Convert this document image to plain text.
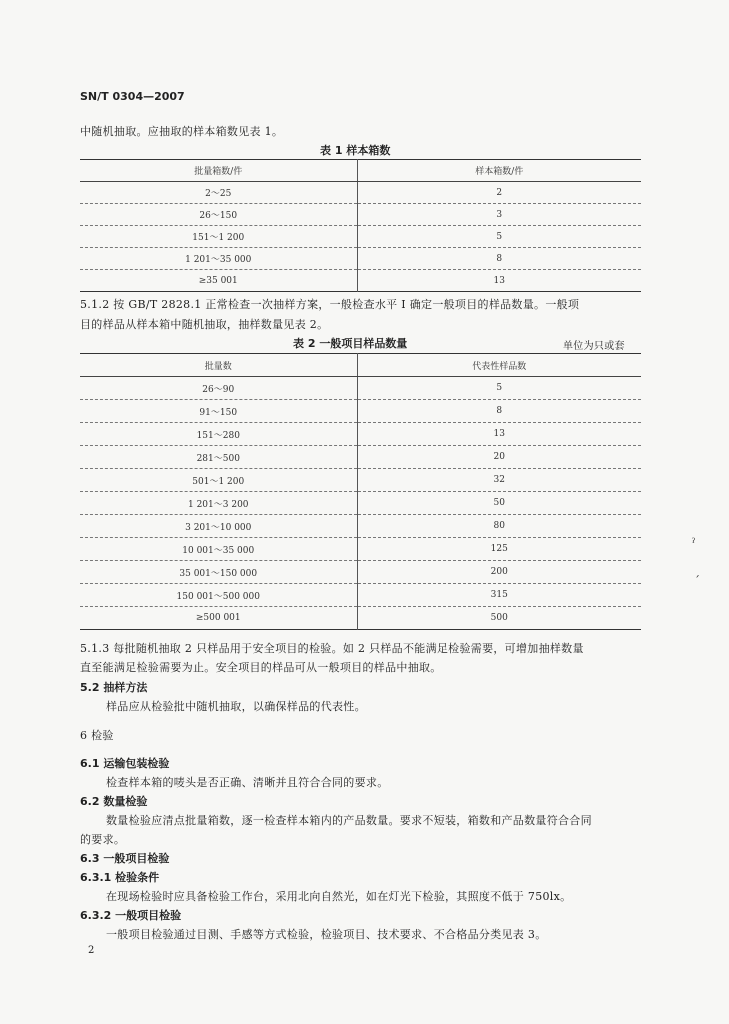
SN/T 0304—2007
中随机抽取。应抽取的样本箱数见表 1。
表 1 样本箱数
批量箱数/件	样本箱数/件
2～25	2
26～150	3
151～1 200	5
1 201～35 000	8
≥35 001	13
5.1.2 按 GB/T 2828.1 正常检查一次抽样方案，一般检查水平 I 确定一般项目的样品数量。一般项
目的样品从样本箱中随机抽取，抽样数量见表 2。
表 2 一般项目样品数量	单位为只或套
批量数	代表性样品数
26～90	5
91～150	8
151～280	13
281～500	20
501～1 200	32
1 201～3 200	50
3 201～10 000	80
10 001～35 000	125
35 001～150 000	200
150 001～500 000	315
≥500 001	500
5.1.3 每批随机抽取 2 只样品用于安全项目的检验。如 2 只样品不能满足检验需要，可增加抽样数量
直至能满足检验需要为止。安全项目的样品可从一般项目的样品中抽取。
5.2 抽样方法
样品应从检验批中随机抽取，以确保样品的代表性。
6 检验
6.1 运输包装检验
检查样本箱的唛头是否正确、清晰并且符合合同的要求。
6.2 数量检验
数量检验应清点批量箱数，逐一检查样本箱内的产品数量。要求不短装，箱数和产品数量符合合同
的要求。
6.3 一般项目检验
6.3.1 检验条件
在现场检验时应具备检验工作台，采用北向自然光，如在灯光下检验，其照度不低于 750lx。
6.3.2 一般项目检验
一般项目检验通过目测、手感等方式检验，检验项目、技术要求、不合格品分类见表 3。
2
ˀ
ˊ
